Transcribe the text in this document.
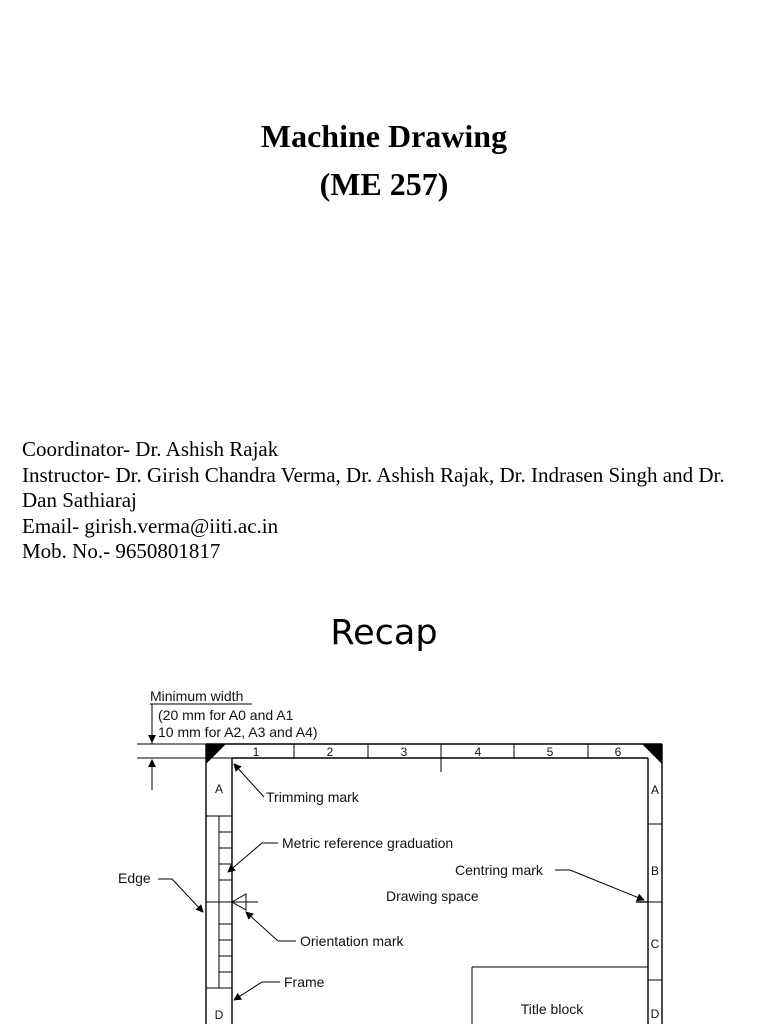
Machine Drawing

(ME 257)

Coordinator- Dr. Ashish Rajak
Instructor- Dr. Girish Chandra Verma, Dr. Ashish Rajak, Dr. Indrasen Singh and Dr. Dan Sathiaraj
Email- girish.verma@iiti.ac.in
Mob. No.- 9650801817
Recap
Minimum width
(20 mm for A0 and A1
10 mm for A2, A3 and A4)
1	2	3	4	5	6
A
D
A
B
C
D
Title block
Trimming mark
Metric reference graduation
Centring mark
Edge
Drawing space
Orientation mark
Frame
